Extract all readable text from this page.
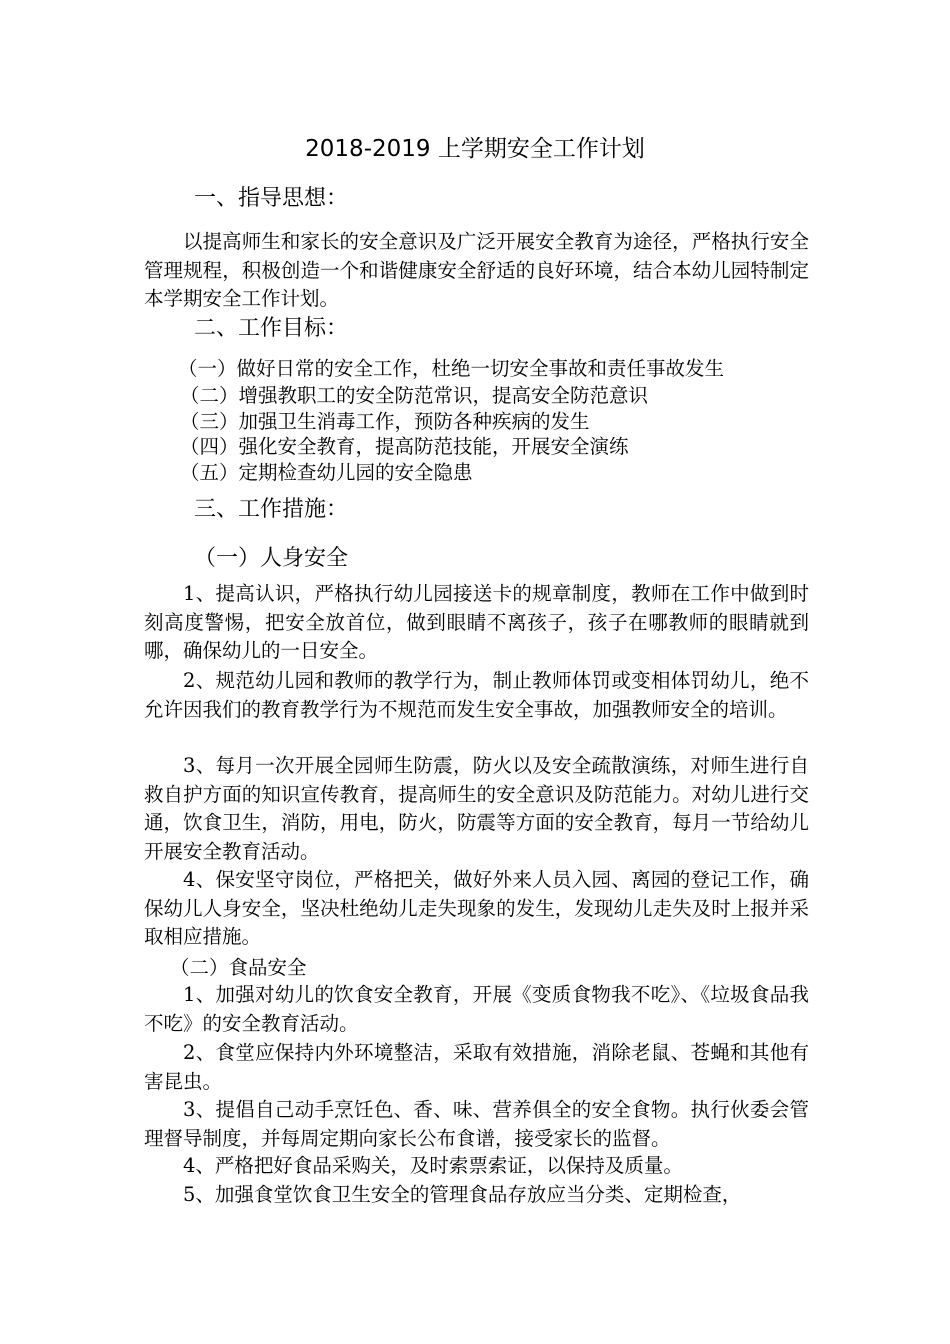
2018-2019 上学期安全工作计划
一、指导思想：

以提高师生和家长的安全意识及广泛开展安全教育为途径，严格执行安全管理规程，积极创造一个和谐健康安全舒适的良好环境，结合本幼儿园特制定本学期安全工作计划。

二、工作目标：
（一）做好日常的安全工作，杜绝一切安全事故和责任事故发生
（二）增强教职工的安全防范常识，提高安全防范意识
（三）加强卫生消毒工作，预防各种疾病的发生
（四）强化安全教育，提高防范技能，开展安全演练
（五）定期检查幼儿园的安全隐患
三、工作措施：
（一）人身安全

1、提高认识，严格执行幼儿园接送卡的规章制度，教师在工作中做到时刻高度警惕，把安全放首位，做到眼睛不离孩子，孩子在哪教师的眼睛就到哪，确保幼儿的一日安全。

2、规范幼儿园和教师的教学行为，制止教师体罚或变相体罚幼儿，绝不允许因我们的教育教学行为不规范而发生安全事故，加强教师安全的培训。

3、每月一次开展全园师生防震，防火以及安全疏散演练，对师生进行自救自护方面的知识宣传教育，提高师生的安全意识及防范能力。对幼儿进行交通，饮食卫生，消防，用电，防火，防震等方面的安全教育，每月一节给幼儿开展安全教育活动。

4、保安坚守岗位，严格把关，做好外来人员入园、离园的登记工作，确保幼儿人身安全，坚决杜绝幼儿走失现象的发生，发现幼儿走失及时上报并采取相应措施。

（二）食品安全

1、加强对幼儿的饮食安全教育，开展《变质食物我不吃》、《垃圾食品我不吃》的安全教育活动。

2、食堂应保持内外环境整洁，采取有效措施，消除老鼠、苍蝇和其他有害昆虫。

3、提倡自己动手烹饪色、香、味、营养俱全的安全食物。执行伙委会管理督导制度，并每周定期向家长公布食谱，接受家长的监督。

4、严格把好食品采购关，及时索票索证，以保持及质量。

5、加强食堂饮食卫生安全的管理食品存放应当分类、定期检查，
